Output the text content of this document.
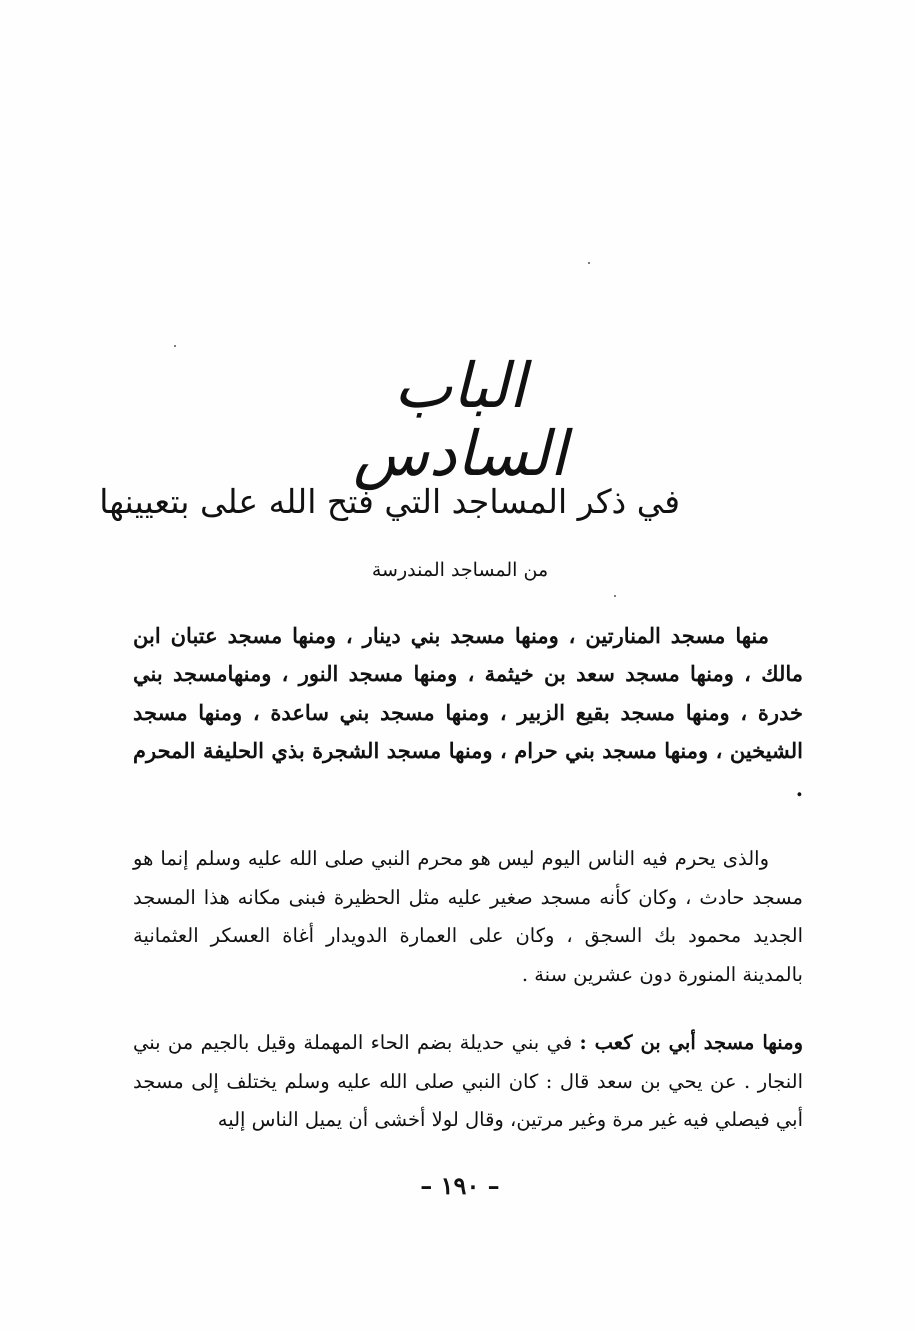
الباب السادس
في ذكر المساجد التي فتح الله على بتعيينها

من المساجد المندرسة

منها مسجد المنارتين ، ومنها مسجد بني دينار ، ومنها مسجد عتبان ابن مالك ، ومنها مسجد سعد بن خيثمة ، ومنها مسجد النور ، ومنهامسجد بني خدرة ، ومنها مسجد بقيع الزبير ، ومنها مسجد بني ساعدة ، ومنها مسجد الشيخين ، ومنها مسجد بني حرام ، ومنها مسجد الشجرة بذي الحليفة المحرم .

والذى يحرم فيه الناس اليوم ليس هو محرم النبي صلى الله عليه وسلم إنما هو مسجد حادث ، وكان كأنه مسجد صغير عليه مثل الحظيرة فبنى مكانه هذا المسجد الجديد محمود بك السجق ، وكان على العمارة الدويدار أغاة العسكر العثمانية بالمدينة المنورة دون عشرين سنة .

ومنها مسجد أبي بن كعب : في بني حديلة بضم الحاء المهملة وقيل بالجيم من بني النجار . عن يحي بن سعد قال : كان النبي صلى الله عليه وسلم يختلف إلى مسجد أبي فيصلي فيه غير مرة وغير مرتين، وقال لولا أخشى أن يميل الناس إليه

– ١٩٠ –
